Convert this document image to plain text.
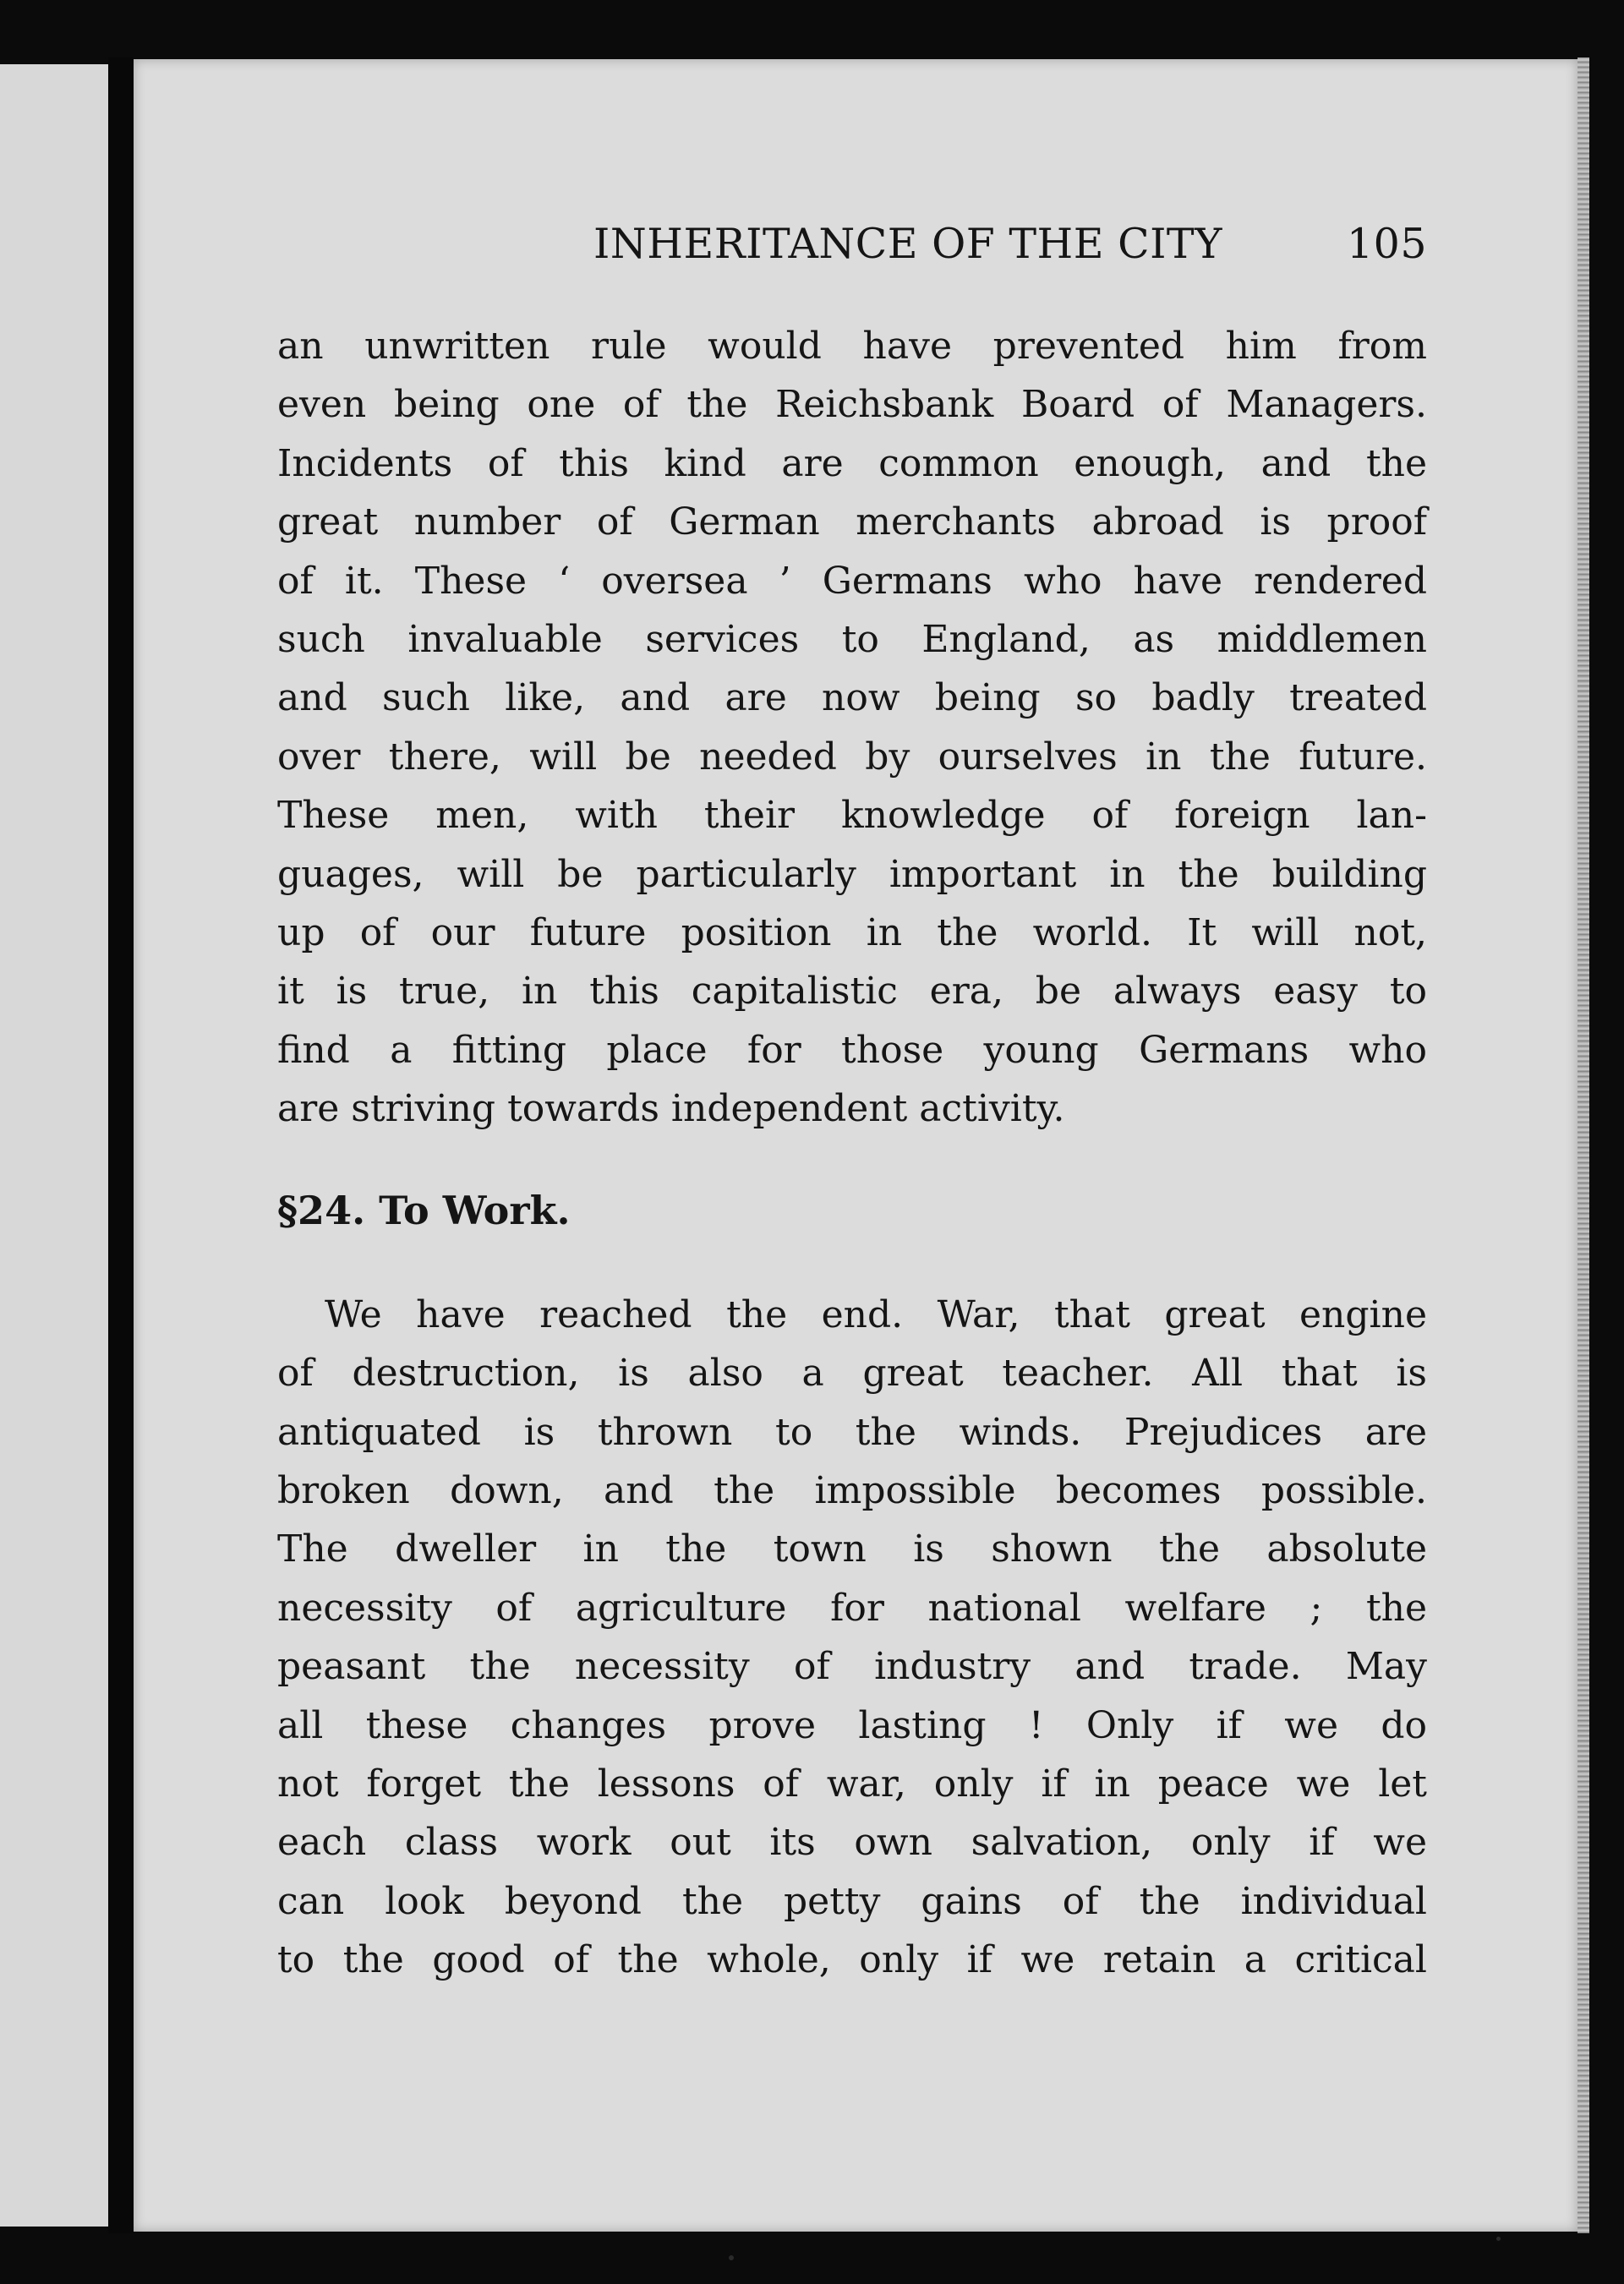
INHERITANCE OF THE CITY	105
an unwritten rule would have prevented him from
even being one of the Reichsbank Board of Managers.
Incidents of this kind are common enough, and the
great number of German merchants abroad is proof
of it. These ‘ oversea ’ Germans who have rendered
such invaluable services to England, as middlemen
and such like, and are now being so badly treated
over there, will be needed by ourselves in the future.
These men, with their knowledge of foreign lan-
guages, will be particularly important in the building
up of our future position in the world. It will not,
it is true, in this capitalistic era, be always easy to
find a fitting place for those young Germans who
are striving towards independent activity.
§24. To Work.
We have reached the end. War, that great engine
of destruction, is also a great teacher. All that is
antiquated is thrown to the winds. Prejudices are
broken down, and the impossible becomes possible.
The dweller in the town is shown the absolute
necessity of agriculture for national welfare ; the
peasant the necessity of industry and trade. May
all these changes prove lasting ! Only if we do
not forget the lessons of war, only if in peace we let
each class work out its own salvation, only if we
can look beyond the petty gains of the individual
to the good of the whole, only if we retain a critical
